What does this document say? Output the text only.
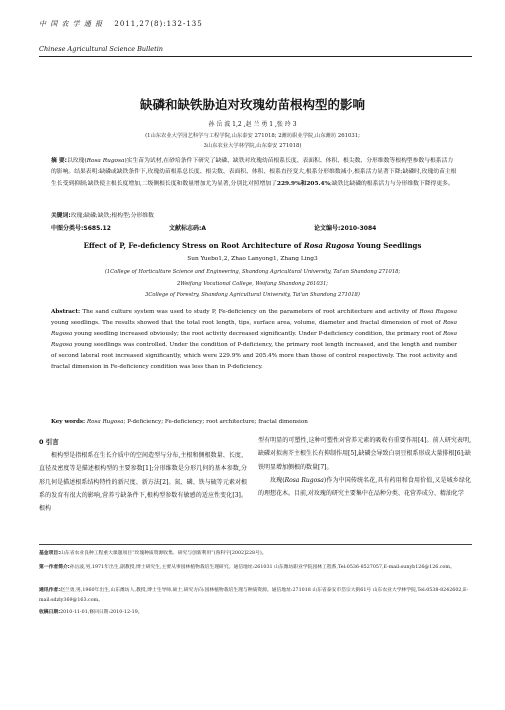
中 国 农 学 通 报 2011,27(8):132-135
Chinese Agricultural Science Bulletin
缺磷和缺铁胁迫对玫瑰幼苗根构型的影响
孙 岳 波 1,2 ,赵 兰 勇 1 ,张 玲 3
(1山东农业大学园艺科学与工程学院,山东泰安 271018; 2潍坊职业学院,山东潍坊 261031;
3山东农业大学林学院,山东泰安 271018)
摘 要:以玫瑰(Rosa Rugosa)实生苗为试材,在砂培条件下研究了缺磷、缺铁对玫瑰幼苗根系长度、表面积、体积、根尖数、分形维数等根构型参数与根系活力的影响。结果表明:缺磷或缺铁条件下,玫瑰幼苗根系总长度、根尖数、表面积、体积、根系直径变大,根系分形维数减小,根系活力显著下降;缺磷时,玫瑰幼苗主根生长受到抑制;缺铁使主根长度增加,二级侧根长度和数量增加尤为显著,分别比对照增加了229.9%和205.4%;缺铁比缺磷的根系活力与分形维数下降得更多。
关键词:玫瑰;缺磷;缺铁;根构型;分形维数
中图分类号:S685.12	文献标志码:A	论文编号:2010-3084
Effect of P, Fe-deficiency Stress on Root Architecture of Rosa Rugosa Young Seedlings
Sun Yuebo1,2, Zhao Lanyong1, Zhang Ling3
(1College of Horticulture Science and Engineering, Shandong Agricultural University, Tai'an Shandong 271018;
2Weifang Vocational College, Weifang Shandong 261031;
3College of Forestry, Shandong Agricultural University, Tai'an Shandong 271018)
Abstract: The sand culture system was used to study P, Fe-deficiency on the parameters of root architecture and activity of Rosa Rugosa young seedlings. The results showed that the total root length, tips, surface area, volume, diameter and fractal dimension of root of Rosa Rugosa young seedling increased obviously; the root activity decreased significantly. Under P-deficiency condition, the primary root of Rosa Rugosa young seedlings was controlled. Under the condition of P-deficiency, the primary root length increased, and the length and number of second lateral root increased significantly, which were 229.9% and 205.4% more than those of control respectively. The root activity and fractal dimension in Fe-deficiency condition was less than in P-deficiency.
Key words: Rosa Rugosa; P-deficiency; Fe-deficiency; root architecture; fractal dimension
0 引言
根构型是指根系在生长介质中的空间造型与分布,主根和侧根数量、长度、直径及密度等是描述根构型的主要参数[1];分形维数是分形几何的基本参数,分形几何是描述根系结构特性的新尺度、新方法[2]。氮、磷、铁与硫等元素对根系的发育有很大的影响,营养亏缺条件下,根构型参数有敏感的适应性变化[3]。根构

型有明显的可塑性,这种可塑性对营养元素的吸收有重要作用[4]。前人研究表明,缺磷对拟南芥主根生长有抑制作用[5],缺磷会导致白羽豆根系形成大量排根[6];缺铁明显增加侧根的数量[7]。

玫瑰(Rosa Rugosa)作为中国传统名花,具有药用和食用价值,又是城乡绿化的理想花木。目前,对玫瑰的研究主要集中在品种分类、花营养成分、精油化学

基金项目:山东省农业良种工程重大课题项目“玫瑰种质资源收集、研究与创新利用”(鲁科字[2002]228号)。
第一作者简介:孙岳波,男,1971年出生,副教授,博士研究生,主要从事园林植物栽培生理研究。通信地址:261031 山东潍坊职业学院园林工程系,Tel:0536-8527057,E-mail:sunyb126@126.com。
通讯作者:赵兰勇,男,1960年出生,山东潍坊人,教授,博士生导师,硕士,研究方向:园林植物栽培生理与种质资源。通信地址:271018 山东省泰安市岱宗大街61号 山东农业大学林学院,Tel:0538-8242602,E-mail:sdzly369@163.com。
收稿日期:2010-11-01,修回日期:2010-12-19。
